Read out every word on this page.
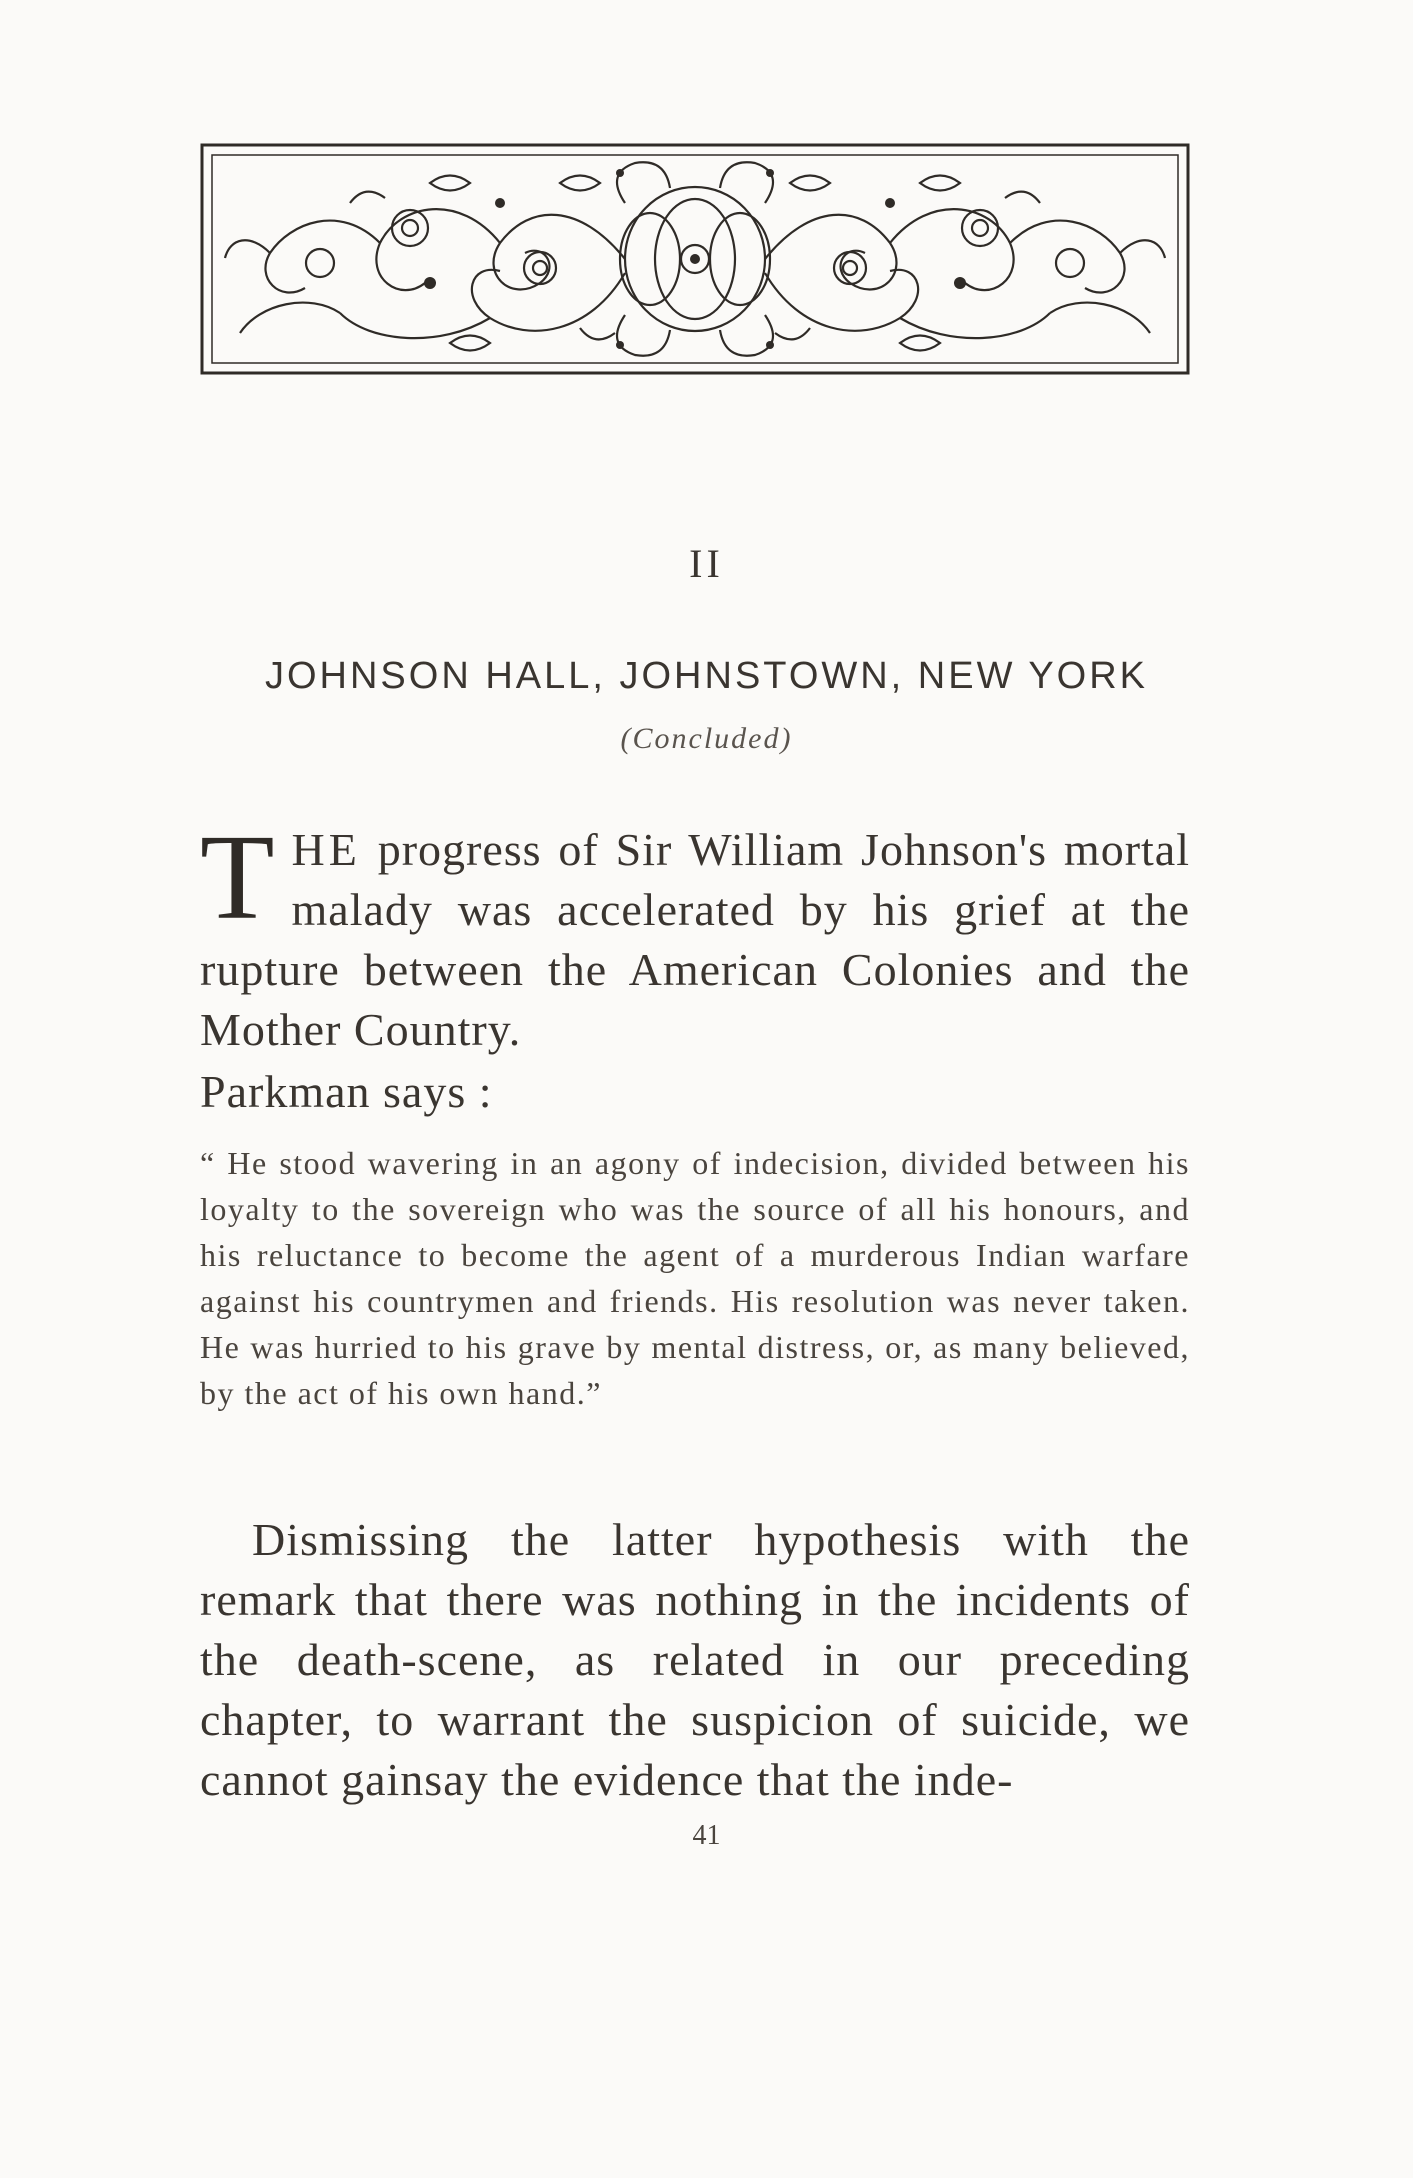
II
JOHNSON HALL, JOHNSTOWN, NEW YORK
(Concluded)
THE progress of Sir William Johnson's mortal malady was accelerated by his grief at the rupture between the American Colonies and the Mother Country.
Parkman says :
“ He stood wavering in an agony of indecision, divided between his loyalty to the sovereign who was the source of all his honours, and his reluctance to become the agent of a murderous Indian warfare against his countrymen and friends. His resolution was never taken. He was hurried to his grave by mental distress, or, as many believed, by the act of his own hand.”
Dismissing the latter hypothesis with the remark that there was nothing in the incidents of the death-scene, as related in our preceding chapter, to warrant the suspicion of suicide, we cannot gainsay the evidence that the inde-
41
